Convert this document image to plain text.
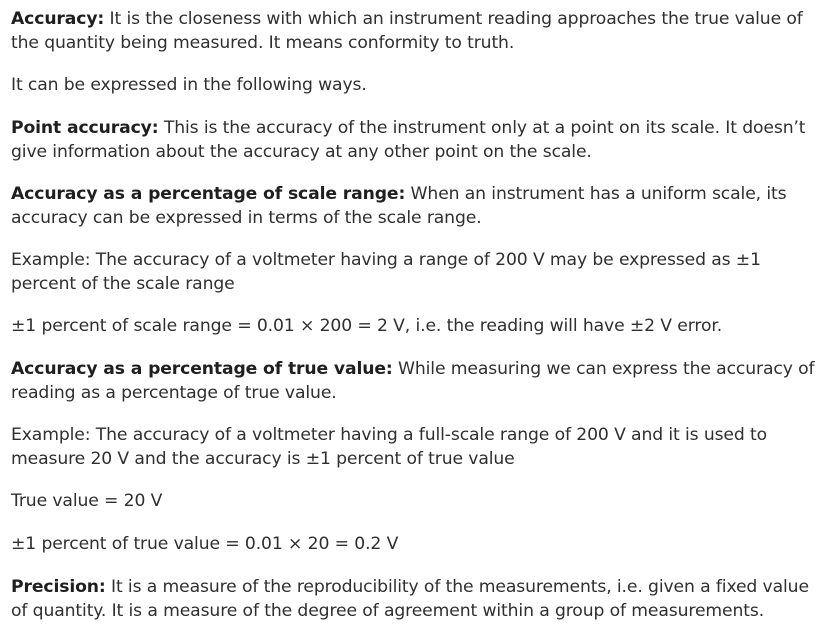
Accuracy: It is the closeness with which an instrument reading approaches the true value of the quantity being measured. It means conformity to truth.

It can be expressed in the following ways.

Point accuracy: This is the accuracy of the instrument only at a point on its scale. It doesn’t give information about the accuracy at any other point on the scale.

Accuracy as a percentage of scale range: When an instrument has a uniform scale, its accuracy can be expressed in terms of the scale range.

Example: The accuracy of a voltmeter having a range of 200 V may be expressed as ±1 percent of the scale range

±1 percent of scale range = 0.01 × 200 = 2 V, i.e. the reading will have ±2 V error.

Accuracy as a percentage of true value: While measuring we can express the accuracy of reading as a percentage of true value.

Example: The accuracy of a voltmeter having a full-scale range of 200 V and it is used to measure 20 V and the accuracy is ±1 percent of true value

True value = 20 V

±1 percent of true value = 0.01 × 20 = 0.2 V

Precision: It is a measure of the reproducibility of the measurements, i.e. given a fixed value of quantity. It is a measure of the degree of agreement within a group of measurements.
